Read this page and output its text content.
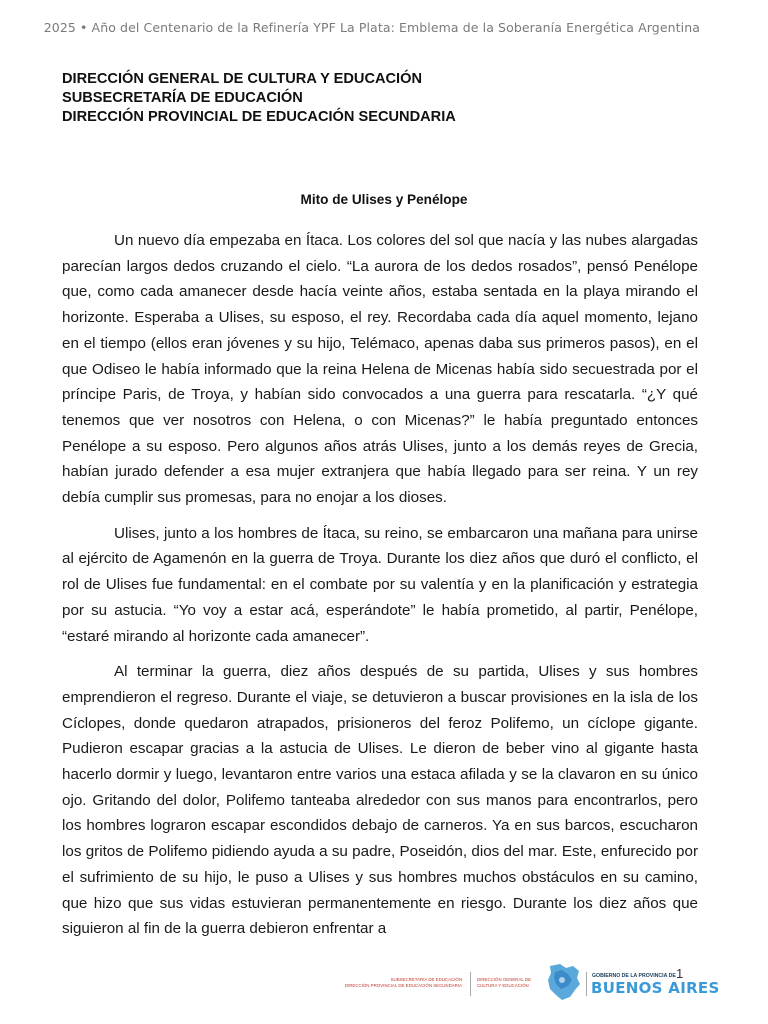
2025 • Año del Centenario de la Refinería YPF La Plata: Emblema de la Soberanía Energética Argentina
DIRECCIÓN GENERAL DE CULTURA Y EDUCACIÓN
SUBSECRETARÍA DE EDUCACIÓN
DIRECCIÓN PROVINCIAL DE EDUCACIÓN SECUNDARIA
Mito de Ulises y Penélope

Un nuevo día empezaba en Ítaca. Los colores del sol que nacía y las nubes alargadas parecían largos dedos cruzando el cielo. “La aurora de los dedos rosados”, pensó Penélope que, como cada amanecer desde hacía veinte años, estaba sentada en la playa mirando el horizonte. Esperaba a Ulises, su esposo, el rey. Recordaba cada día aquel momento, lejano en el tiempo (ellos eran jóvenes y su hijo, Telémaco, apenas daba sus primeros pasos), en el que Odiseo le había informado que la reina Helena de Micenas había sido secuestrada por el príncipe Paris, de Troya, y habían sido convocados a una guerra para rescatarla. “¿Y qué tenemos que ver nosotros con Helena, o con Micenas?” le había preguntado entonces Penélope a su esposo. Pero algunos años atrás Ulises, junto a los demás reyes de Grecia, habían jurado defender a esa mujer extranjera que había llegado para ser reina. Y un rey debía cumplir sus promesas, para no enojar a los dioses.

Ulises, junto a los hombres de Ítaca, su reino, se embarcaron una mañana para unirse al ejército de Agamenón en la guerra de Troya. Durante los diez años que duró el conflicto, el rol de Ulises fue fundamental: en el combate por su valentía y en la planificación y estrategia por su astucia. “Yo voy a estar acá, esperándote” le había prometido, al partir, Penélope, “estaré mirando al horizonte cada amanecer”.

Al terminar la guerra, diez años después de su partida, Ulises y sus hombres emprendieron el regreso. Durante el viaje, se detuvieron a buscar provisiones en la isla de los Cíclopes, donde quedaron atrapados, prisioneros del feroz Polifemo, un cíclope gigante. Pudieron escapar gracias a la astucia de Ulises. Le dieron de beber vino al gigante hasta hacerlo dormir y luego, levantaron entre varios una estaca afilada y se la clavaron en su único ojo. Gritando del dolor, Polifemo tanteaba alrededor con sus manos para encontrarlos, pero los hombres lograron escapar escondidos debajo de carneros. Ya en sus barcos, escucharon los gritos de Polifemo pidiendo ayuda a su padre, Poseidón, dios del mar. Este, enfurecido por el sufrimiento de su hijo, le puso a Ulises y sus hombres muchos obstáculos en su camino, que hizo que sus vidas estuvieran permanentemente en riesgo. Durante los diez años que siguieron al fin de la guerra debieron enfrentar a

SUBSECRETARÍA DE EDUCACIÓN
DIRECCIÓN PROVINCIAL DE EDUCACIÓN SECUNDARIA
DIRECCIÓN GENERAL DE
CULTURA Y EDUCACIÓN
GOBIERNO DE LA PROVINCIA DE
BUENOS AIRES
1
